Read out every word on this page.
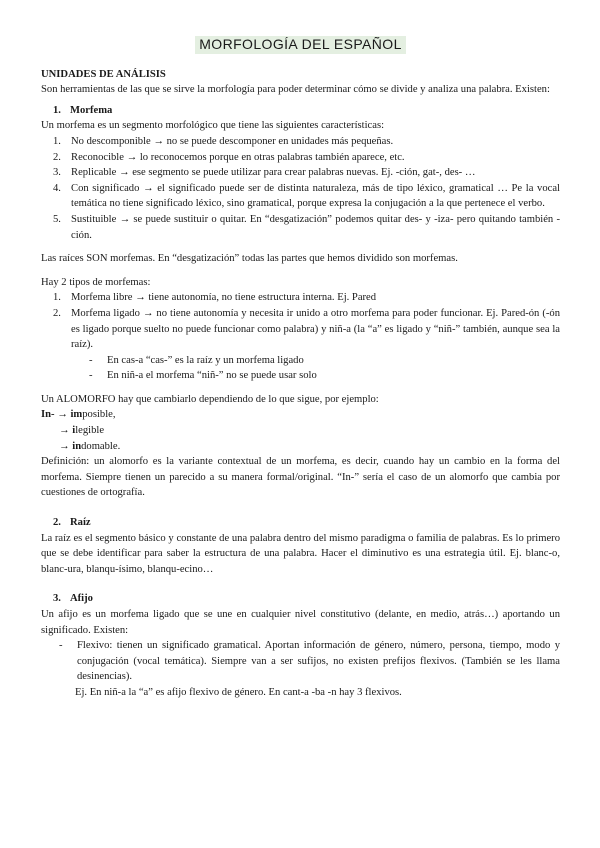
MORFOLOGÍA DEL ESPAÑOL
UNIDADES DE ANÁLISIS

Son herramientas de las que se sirve la morfología para poder determinar cómo se divide y analiza una palabra. Existen:

1. Morfema

Un morfema es un segmento morfológico que tiene las siguientes características:

1. No descomponible → no se puede descomponer en unidades más pequeñas.
2. Reconocible → lo reconocemos porque en otras palabras también aparece, etc.
3. Replicable → ese segmento se puede utilizar para crear palabras nuevas. Ej. -ción, gat-, des- …
4. Con significado → el significado puede ser de distinta naturaleza, más de tipo léxico, gramatical … Pe la vocal temática no tiene significado léxico, sino gramatical, porque expresa la conjugación a la que pertenece el verbo.
5. Sustituible → se puede sustituir o quitar. En “desgatización” podemos quitar des- y -iza- pero quitando también -ción.

Las raíces SON morfemas. En “desgatización” todas las partes que hemos dividido son morfemas.

Hay 2 tipos de morfemas:

1. Morfema libre → tiene autonomía, no tiene estructura interna. Ej. Pared
2. Morfema ligado → no tiene autonomía y necesita ir unido a otro morfema para poder funcionar. Ej. Pared-ón (-ón es ligado porque suelto no puede funcionar como palabra) y niñ-a (la “a” es ligado y “niñ-” también, aunque sea la raíz).
-	En cas-a “cas-” es la raíz y un morfema ligado
-	En niñ-a el morfema “niñ-” no se puede usar solo

Un ALOMORFO hay que cambiarlo dependiendo de lo que sigue, por ejemplo:

In- → imposible,
→ ilegible
→ indomable.

Definición: un alomorfo es la variante contextual de un morfema, es decir, cuando hay un cambio en la forma del morfema. Siempre tienen un parecido a su manera formal/original. “In-” sería el caso de un alomorfo que cambia por cuestiones de ortografía.

2. Raíz

La raíz es el segmento básico y constante de una palabra dentro del mismo paradigma o familia de palabras. Es lo primero que se debe identificar para saber la estructura de una palabra. Hacer el diminutivo es una estrategia útil. Ej. blanc-o, blanc-ura, blanqu-ísimo, blanqu-ecino…

3. Afijo

Un afijo es un morfema ligado que se une en cualquier nivel constitutivo (delante, en medio, atrás…) aportando un significado. Existen:

-	Flexivo: tienen un significado gramatical. Aportan información de género, número, persona, tiempo, modo y conjugación (vocal temática). Siempre van a ser sufijos, no existen prefijos flexivos. (También se les llama desinencias).
Ej. En niñ-a la “a” es afijo flexivo de género. En cant-a -ba -n hay 3 flexivos.
